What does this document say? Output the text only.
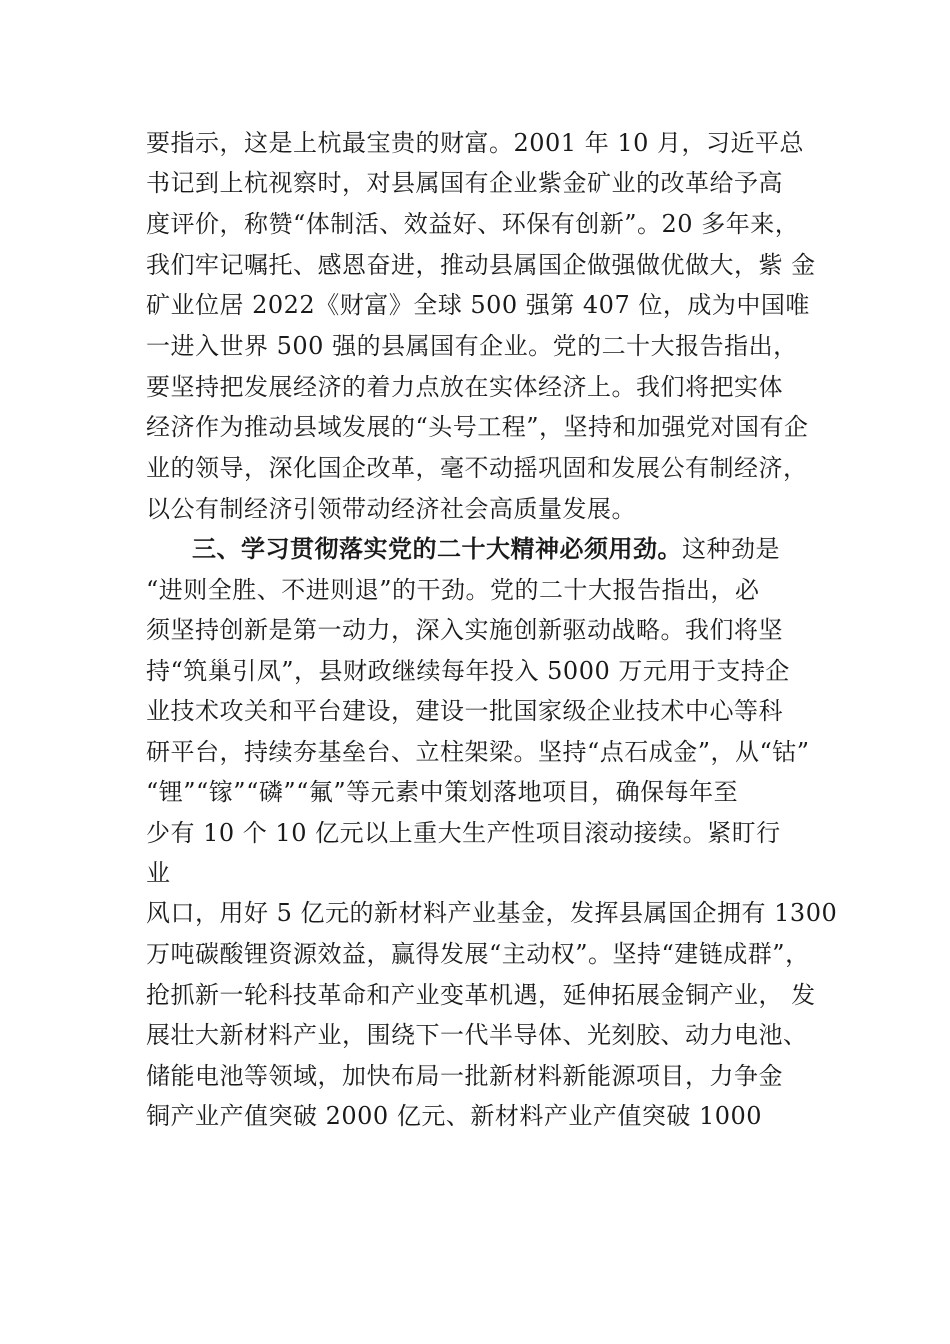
要指示，这是上杭最宝贵的财富。2001 年 10 月，习近平总
书记到上杭视察时，对县属国有企业紫金矿业的改革给予高
度评价，称赞“体制活、效益好、环保有创新”。20 多年来，
我们牢记嘱托、感恩奋进，推动县属国企做强做优做大，紫 金
矿业位居 2022《财富》全球 500 强第 407 位，成为中国唯
一进入世界 500 强的县属国有企业。党的二十大报告指出，
要坚持把发展经济的着力点放在实体经济上。我们将把实体
经济作为推动县域发展的“头号工程”，坚持和加强党对国有企
业的领导，深化国企改革，毫不动摇巩固和发展公有制经济，
以公有制经济引领带动经济社会高质量发展。
三、学习贯彻落实党的二十大精神必须用劲。这种劲是
“进则全胜、不进则退”的干劲。党的二十大报告指出，必
须坚持创新是第一动力，深入实施创新驱动战略。我们将坚
持“筑巢引凤”，县财政继续每年投入 5000 万元用于支持企
业技术攻关和平台建设，建设一批国家级企业技术中心等科
研平台，持续夯基垒台、立柱架梁。坚持“点石成金”，从“钴”
“锂”“镓”“磷”“氟”等元素中策划落地项目，确保每年至
少有 10 个 10 亿元以上重大生产性项目滚动接续。紧盯行
业
风口，用好 5 亿元的新材料产业基金，发挥县属国企拥有 1300
万吨碳酸锂资源效益，赢得发展“主动权”。坚持“建链成群”，
抢抓新一轮科技革命和产业变革机遇，延伸拓展金铜产业， 发
展壮大新材料产业，围绕下一代半导体、光刻胶、动力电池、
储能电池等领域，加快布局一批新材料新能源项目，力争金
铜产业产值突破 2000 亿元、新材料产业产值突破 1000
